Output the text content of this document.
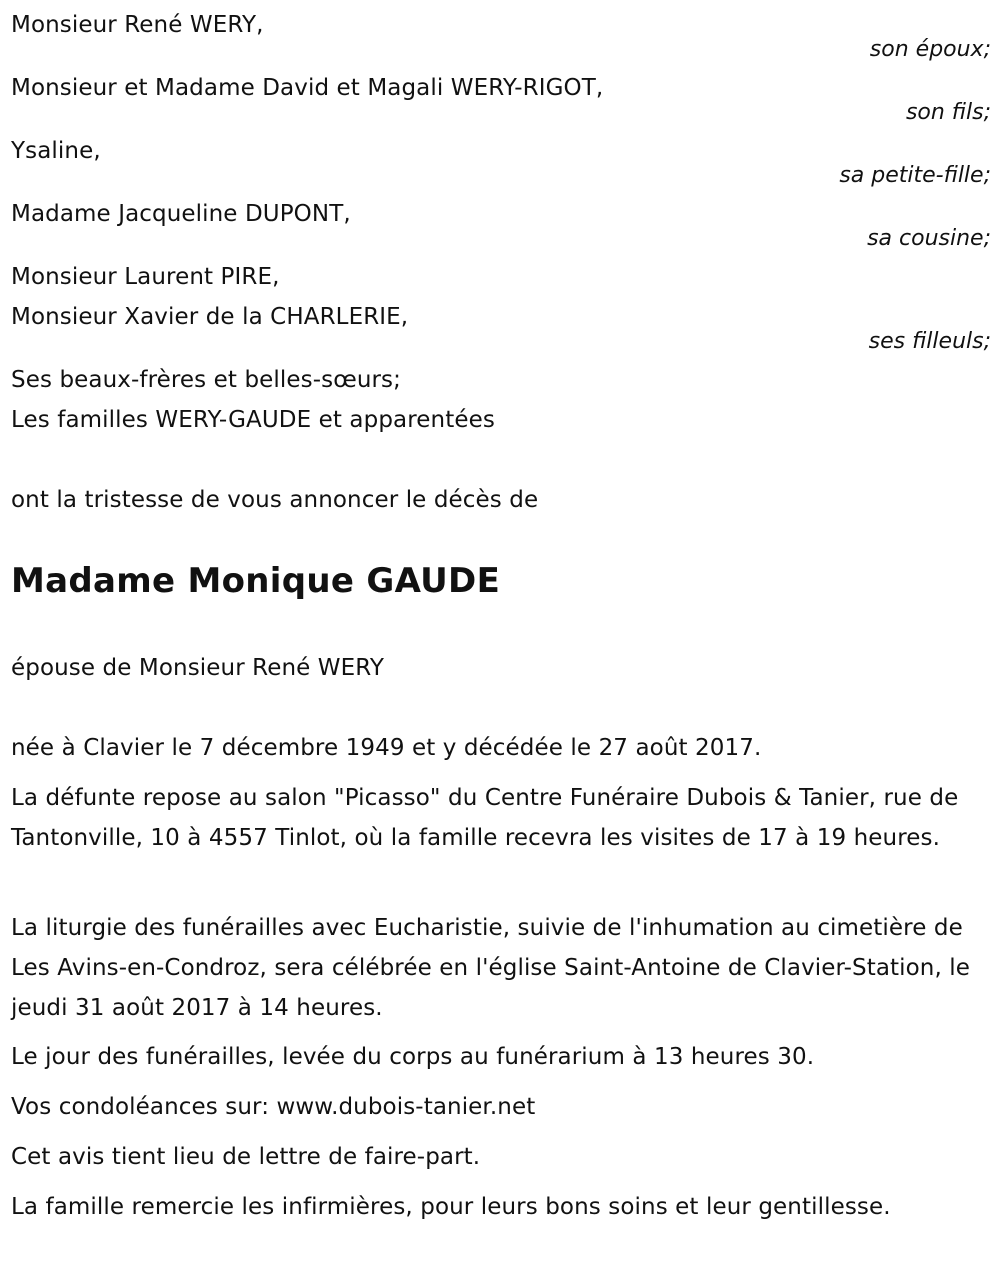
Monsieur René WERY,
son époux;
Monsieur et Madame David et Magali WERY-RIGOT,
son fils;
Ysaline,
sa petite-fille;
Madame Jacqueline DUPONT,
sa cousine;
Monsieur Laurent PIRE,
Monsieur Xavier de la CHARLERIE,
ses filleuls;
Ses beaux-frères et belles-sœurs;
Les familles WERY-GAUDE et apparentées
ont la tristesse de vous annoncer le décès de
Madame Monique GAUDE
épouse de Monsieur René WERY
née à Clavier le 7 décembre 1949 et y décédée le 27 août 2017.
La défunte repose au salon "Picasso" du Centre Funéraire Dubois & Tanier, rue de Tantonville, 10 à 4557 Tinlot, où la famille recevra les visites de 17 à 19 heures.
La liturgie des funérailles avec Eucharistie, suivie de l'inhumation au cimetière de Les Avins-en-Condroz, sera célébrée en l'église Saint-Antoine de Clavier-Station, le jeudi 31 août 2017 à 14 heures.
Le jour des funérailles, levée du corps au funérarium à 13 heures 30.
Vos condoléances sur: www.dubois-tanier.net
Cet avis tient lieu de lettre de faire-part.
La famille remercie les infirmières, pour leurs bons soins et leur gentillesse.
